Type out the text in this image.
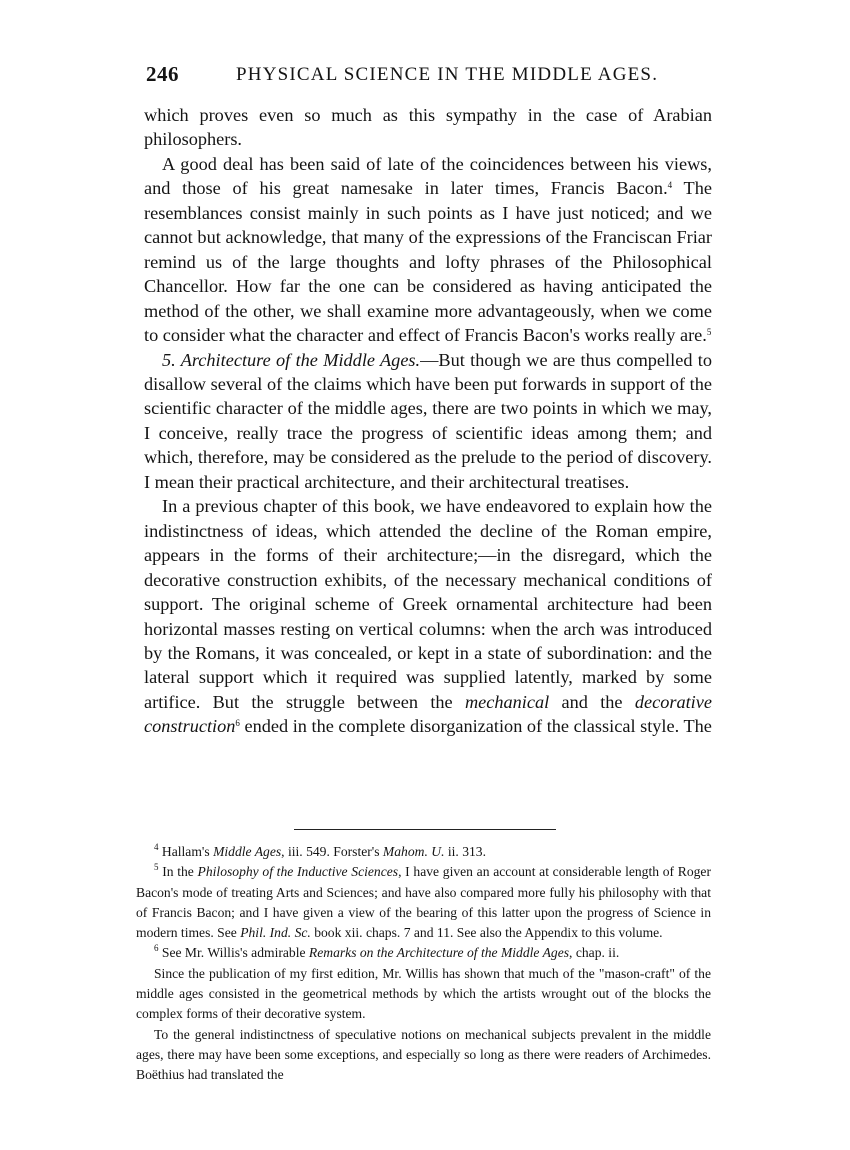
246	PHYSICAL SCIENCE IN THE MIDDLE AGES.

which proves even so much as this sympathy in the case of Arabian philosophers.

A good deal has been said of late of the coincidences between his views, and those of his great namesake in later times, Francis Bacon.$^4$ The resemblances consist mainly in such points as I have just noticed; and we cannot but acknowledge, that many of the expressions of the Franciscan Friar remind us of the large thoughts and lofty phrases of the Philosophical Chancellor. How far the one can be considered as having anticipated the method of the other, we shall examine more advantageously, when we come to consider what the character and effect of Francis Bacon's works really are.$^5$

5. Architecture of the Middle Ages.—But though we are thus compelled to disallow several of the claims which have been put forwards in support of the scientific character of the middle ages, there are two points in which we may, I conceive, really trace the progress of scientific ideas among them; and which, therefore, may be considered as the prelude to the period of discovery. I mean their practical architecture, and their architectural treatises.

In a previous chapter of this book, we have endeavored to explain how the indistinctness of ideas, which attended the decline of the Roman empire, appears in the forms of their architecture;—in the disregard, which the decorative construction exhibits, of the necessary mechanical conditions of support. The original scheme of Greek ornamental architecture had been horizontal masses resting on vertical columns: when the arch was introduced by the Romans, it was concealed, or kept in a state of subordination: and the lateral support which it required was supplied latently, marked by some artifice. But the struggle between the mechanical and the decorative construction$^6$ ended in the complete disorganization of the classical style. The

$^4$ Hallam's Middle Ages, iii. 549. Forster's Mahom. U. ii. 313.

$^5$ In the Philosophy of the Inductive Sciences, I have given an account at considerable length of Roger Bacon's mode of treating Arts and Sciences; and have also compared more fully his philosophy with that of Francis Bacon; and I have given a view of the bearing of this latter upon the progress of Science in modern times. See Phil. Ind. Sc. book xii. chaps. 7 and 11. See also the Appendix to this volume.

$^6$ See Mr. Willis's admirable Remarks on the Architecture of the Middle Ages, chap. ii.

Since the publication of my first edition, Mr. Willis has shown that much of the "mason-craft" of the middle ages consisted in the geometrical methods by which the artists wrought out of the blocks the complex forms of their decorative system.

To the general indistinctness of speculative notions on mechanical subjects prevalent in the middle ages, there may have been some exceptions, and especially so long as there were readers of Archimedes. Boëthius had translated the
